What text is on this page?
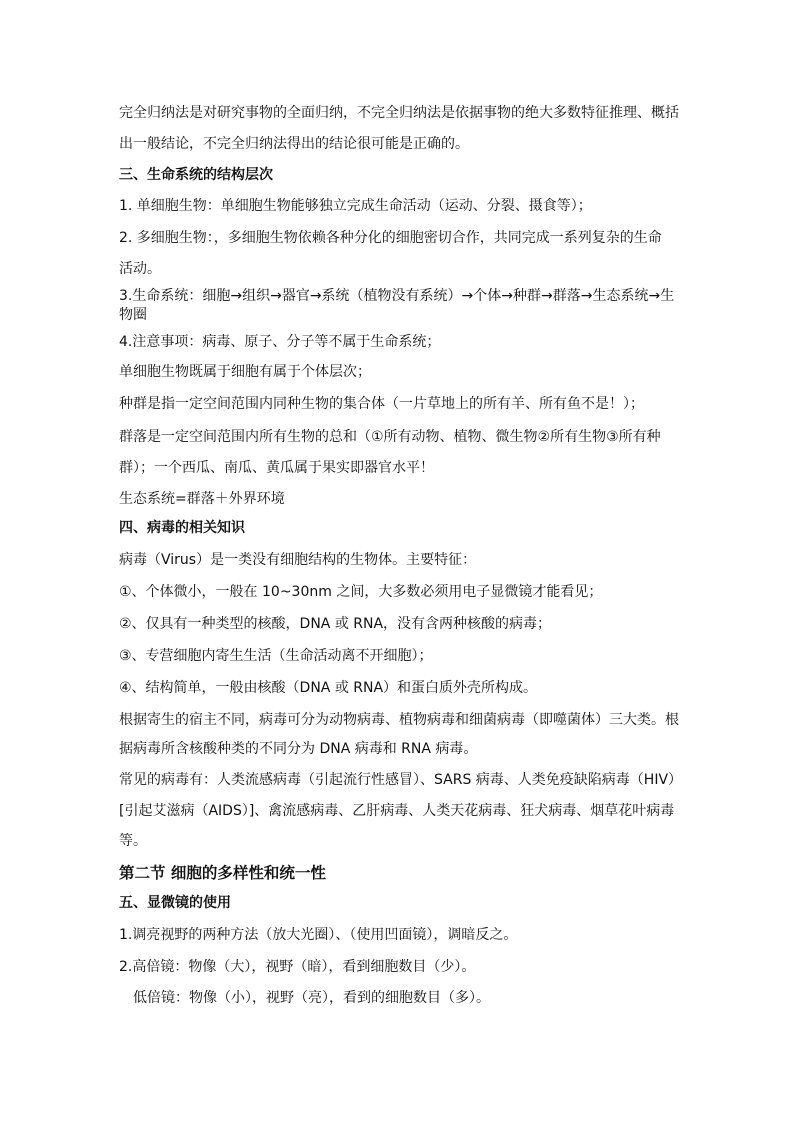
完全归纳法是对研究事物的全面归纳，不完全归纳法是依据事物的绝大多数特征推理、概括
出一般结论，不完全归纳法得出的结论很可能是正确的。
三、生命系统的结构层次
1. 单细胞生物：单细胞生物能够独立完成生命活动（运动、分裂、摄食等）；
2. 多细胞生物：，多细胞生物依赖各种分化的细胞密切合作，共同完成一系列复杂的生命
活动。
3.生命系统：细胞→组织→器官→系统（植物没有系统）→个体→种群→群落→生态系统→生
物圈
4.注意事项：病毒、原子、分子等不属于生命系统；
单细胞生物既属于细胞有属于个体层次；
种群是指一定空间范围内同种生物的集合体（一片草地上的所有羊、所有鱼不是！）；
群落是一定空间范围内所有生物的总和（①所有动物、植物、微生物②所有生物③所有种
群）；一个西瓜、南瓜、黄瓜属于果实即器官水平！
生态系统=群落＋外界环境
四、病毒的相关知识
病毒（Virus）是一类没有细胞结构的生物体。主要特征：
①、个体微小，一般在 10~30nm 之间，大多数必须用电子显微镜才能看见；
②、仅具有一种类型的核酸，DNA 或 RNA，没有含两种核酸的病毒；
③、专营细胞内寄生生活（生命活动离不开细胞）；
④、结构简单，一般由核酸（DNA 或 RNA）和蛋白质外壳所构成。
根据寄生的宿主不同，病毒可分为动物病毒、植物病毒和细菌病毒（即噬菌体）三大类。根
据病毒所含核酸种类的不同分为 DNA 病毒和 RNA 病毒。
常见的病毒有：人类流感病毒（引起流行性感冒）、SARS 病毒、人类免疫缺陷病毒（HIV）
[引起艾滋病（AIDS）]、禽流感病毒、乙肝病毒、人类天花病毒、狂犬病毒、烟草花叶病毒
等。
第二节 细胞的多样性和统一性
五、显微镜的使用
1.调亮视野的两种方法（放大光圈）、（使用凹面镜），调暗反之。
2.高倍镜：物像（大），视野（暗），看到细胞数目（少）。
低倍镜：物像（小），视野（亮），看到的细胞数目（多）。
